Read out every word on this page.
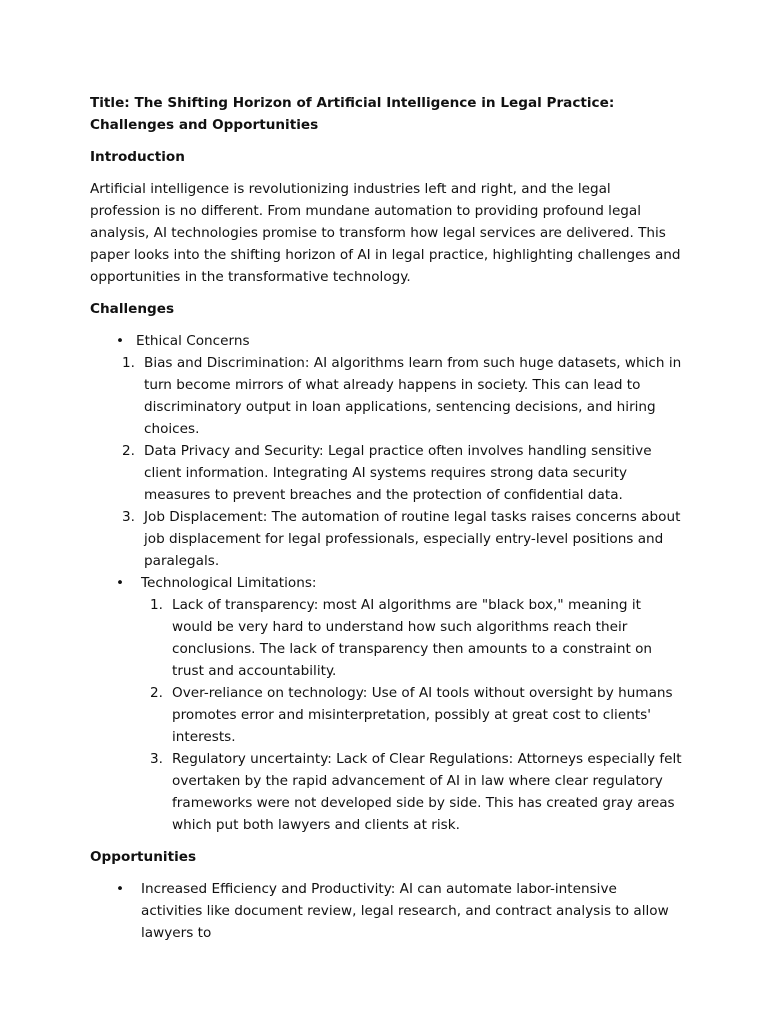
Title: The Shifting Horizon of Artificial Intelligence in Legal Practice: Challenges and Opportunities

Introduction

Artificial intelligence is revolutionizing industries left and right, and the legal profession is no different. From mundane automation to providing profound legal analysis, AI technologies promise to transform how legal services are delivered. This paper looks into the shifting horizon of AI in legal practice, highlighting challenges and opportunities in the transformative technology.

Challenges

• Ethical Concerns
1. Bias and Discrimination: AI algorithms learn from such huge datasets, which in turn become mirrors of what already happens in society. This can lead to discriminatory output in loan applications, sentencing decisions, and hiring choices.
2. Data Privacy and Security: Legal practice often involves handling sensitive client information. Integrating AI systems requires strong data security measures to prevent breaches and the protection of confidential data.
3. Job Displacement: The automation of routine legal tasks raises concerns about job displacement for legal professionals, especially entry-level positions and paralegals.
• Technological Limitations:
1. Lack of transparency: most AI algorithms are "black box," meaning it would be very hard to understand how such algorithms reach their conclusions. The lack of transparency then amounts to a constraint on trust and accountability.
2. Over-reliance on technology: Use of AI tools without oversight by humans promotes error and misinterpretation, possibly at great cost to clients' interests.
3. Regulatory uncertainty: Lack of Clear Regulations: Attorneys especially felt overtaken by the rapid advancement of AI in law where clear regulatory frameworks were not developed side by side. This has created gray areas which put both lawyers and clients at risk.

Opportunities

• Increased Efficiency and Productivity: AI can automate labor-intensive activities like document review, legal research, and contract analysis to allow lawyers to
